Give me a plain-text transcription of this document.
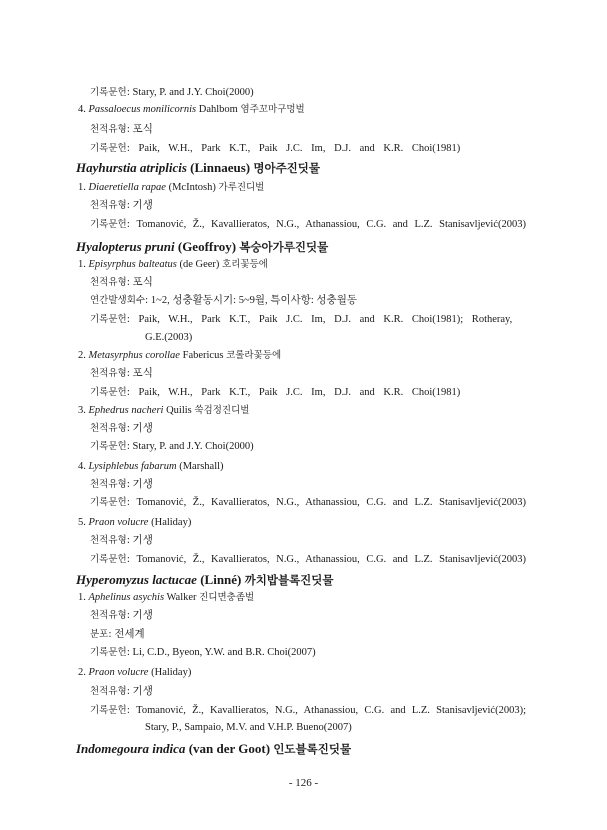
기록문헌: Stary, P. and J.Y. Choi(2000)
4. Passaloecus monilicornis Dahlbom 염주꼬마구멍벌
천적유형: 포식
기록문헌: Paik, W.H., Park K.T., Paik J.C. Im, D.J. and K.R. Choi(1981)
Hayhurstia atriplicis (Linnaeus) 명아주진딧물
1. Diaeretiella rapae (McIntosh) 가루진디벌
천적유형: 기생
기록문헌: Tomanović, Ž., Kavallieratos, N.G., Athanassiou, C.G. and L.Z. Stanisavljević(2003)
Hyalopterus pruni (Geoffroy) 복숭아가루진딧물
1. Episyrphus balteatus (de Geer) 호리꽃등에
천적유형: 포식
연간발생회수: 1~2, 성충활동시기: 5~9월, 특이사항: 성충월동
기록문헌: Paik, W.H., Park K.T., Paik J.C. Im, D.J. and K.R. Choi(1981); Rotheray,
G.E.(2003)
2. Metasyrphus corollae Fabericus 코롤라꽃등에
천적유형: 포식
기록문헌: Paik, W.H., Park K.T., Paik J.C. Im, D.J. and K.R. Choi(1981)
3. Ephedrus nacheri Quilis 쑥검정진디벌
천적유형: 기생
기록문헌: Stary, P. and J.Y. Choi(2000)
4. Lysiphlebus fabarum (Marshall)
천적유형: 기생
기록문헌: Tomanović, Ž., Kavallieratos, N.G., Athanassiou, C.G. and L.Z. Stanisavljević(2003)
5. Praon volucre (Haliday)
천적유형: 기생
기록문헌: Tomanović, Ž., Kavallieratos, N.G., Athanassiou, C.G. and L.Z. Stanisavljević(2003)
Hyperomyzus lactucae (Linné) 까치밥블록진딧물
1. Aphelinus asychis Walker 진디면충좀벌
천적유형: 기생
분포: 전세계
기록문헌: Li, C.D., Byeon, Y.W. and B.R. Choi(2007)
2. Praon volucre (Haliday)
천적유형: 기생
기록문헌: Tomanović, Ž., Kavallieratos, N.G., Athanassiou, C.G. and L.Z. Stanisavljević(2003);
Stary, P., Sampaio, M.V. and V.H.P. Bueno(2007)
Indomegoura indica (van der Goot) 인도블록진딧물
- 126 -
